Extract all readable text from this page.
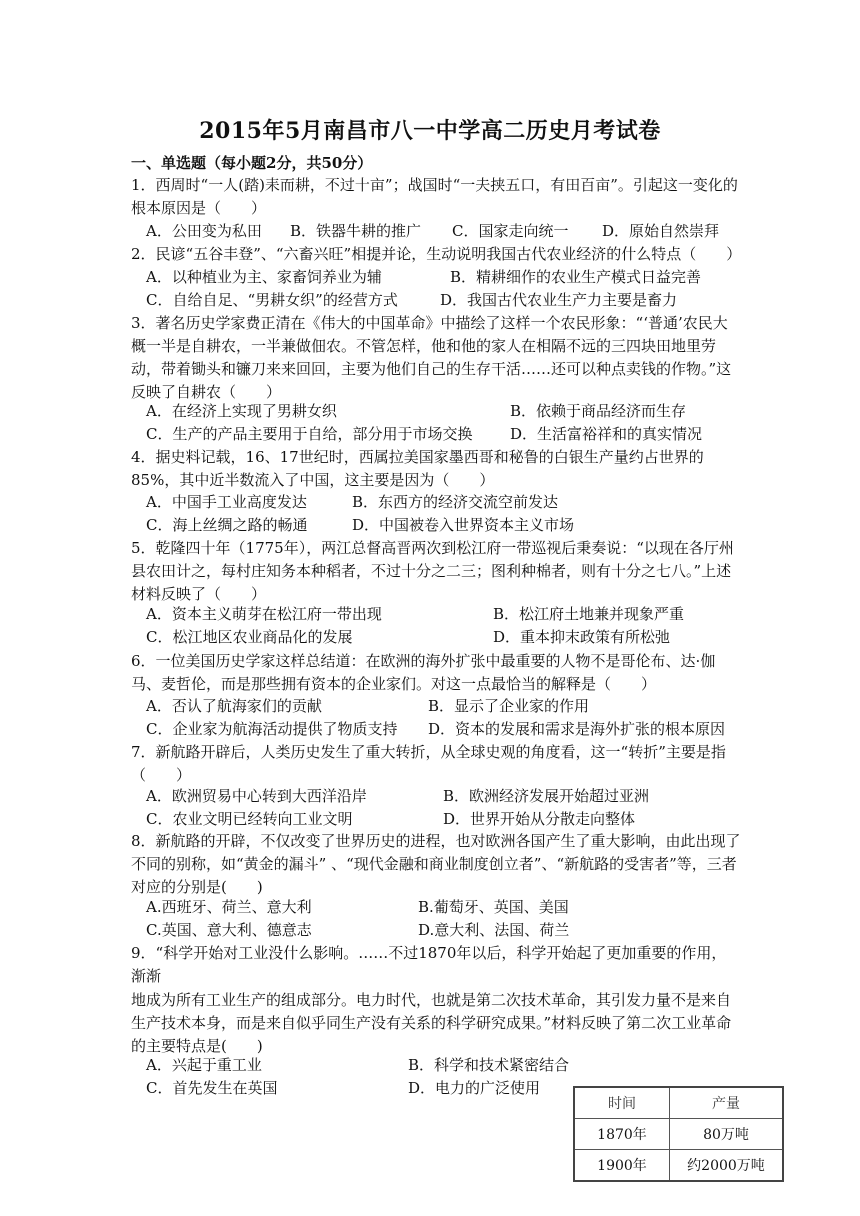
2015年5月南昌市八一中学高二历史月考试卷
一、单选题（每小题2分，共50分）
1．西周时“一人(踏)耒而耕，不过十亩”；战国时“一夫挟五口，有田百亩”。引起这一变化的根本原因是（　　）
A．公田变为私田 B．铁器牛耕的推广 C．国家走向统一 D．原始自然崇拜
2．民谚“五谷丰登”、“六畜兴旺”相提并论，生动说明我国古代农业经济的什么特点（　　）
A．以种植业为主、家畜饲养业为辅	B．精耕细作的农业生产模式日益完善
C．自给自足、“男耕女织”的经营方式	D．我国古代农业生产力主要是畜力
3．著名历史学家费正清在《伟大的中国革命》中描绘了这样一个农民形象：“‘普通’农民大概一半是自耕农，一半兼做佃农。不管怎样，他和他的家人在相隔不远的三四块田地里劳动，带着锄头和镰刀来来回回，主要为他们自己的生存干活……还可以种点卖钱的作物。”这反映了自耕农（　　）
A．在经济上实现了男耕女织	B．依赖于商品经济而生存
C．生产的产品主要用于自给，部分用于市场交换	D．生活富裕祥和的真实情况
4．据史料记载，16、17世纪时，西属拉美国家墨西哥和秘鲁的白银生产量约占世界的85%，其中近半数流入了中国，这主要是因为（　　）
A．中国手工业高度发达	B．东西方的经济交流空前发达
C．海上丝绸之路的畅通	D．中国被卷入世界资本主义市场
5．乾隆四十年（1775年），两江总督高晋两次到松江府一带巡视后秉奏说：“以现在各厅州县农田计之，每村庄知务本种稻者，不过十分之二三；图利种棉者，则有十分之七八。”上述材料反映了（　　）
A．资本主义萌芽在松江府一带出现	B．松江府土地兼并现象严重
C．松江地区农业商品化的发展	D．重本抑末政策有所松弛
6．一位美国历史学家这样总结道：在欧洲的海外扩张中最重要的人物不是哥伦布、达·伽马、麦哲伦，而是那些拥有资本的企业家们。对这一点最恰当的解释是（　　）
A．否认了航海家们的贡献	B．显示了企业家的作用
C．企业家为航海活动提供了物质支持 D．资本的发展和需求是海外扩张的根本原因
7．新航路开辟后，人类历史发生了重大转折，从全球史观的角度看，这一“转折”主要是指（　　）
A．欧洲贸易中心转到大西洋沿岸	B．欧洲经济发展开始超过亚洲
C．农业文明已经转向工业文明	D．世界开始从分散走向整体
8．新航路的开辟，不仅改变了世界历史的进程，也对欧洲各国产生了重大影响，由此出现了不同的别称，如“黄金的漏斗” 、“现代金融和商业制度创立者”、“新航路的受害者”等，三者对应的分别是(　　)
A.西班牙、荷兰、意大利	B.葡萄牙、英国、美国
C.英国、意大利、德意志	D.意大利、法国、荷兰
9．“科学开始对工业没什么影响。……不过1870年以后，科学开始起了更加重要的作用，渐渐
地成为所有工业生产的组成部分。电力时代，也就是第二次技术革命，其引发力量不是来自生产技术本身，而是来自似乎同生产没有关系的科学研究成果。”材料反映了第二次工业革命的主要特点是(　　)
A．兴起于重工业	B．科学和技术紧密结合
C．首先发生在英国	D．电力的广泛使用
时间	产量
1870年	80万吨
1900年	约2000万吨
